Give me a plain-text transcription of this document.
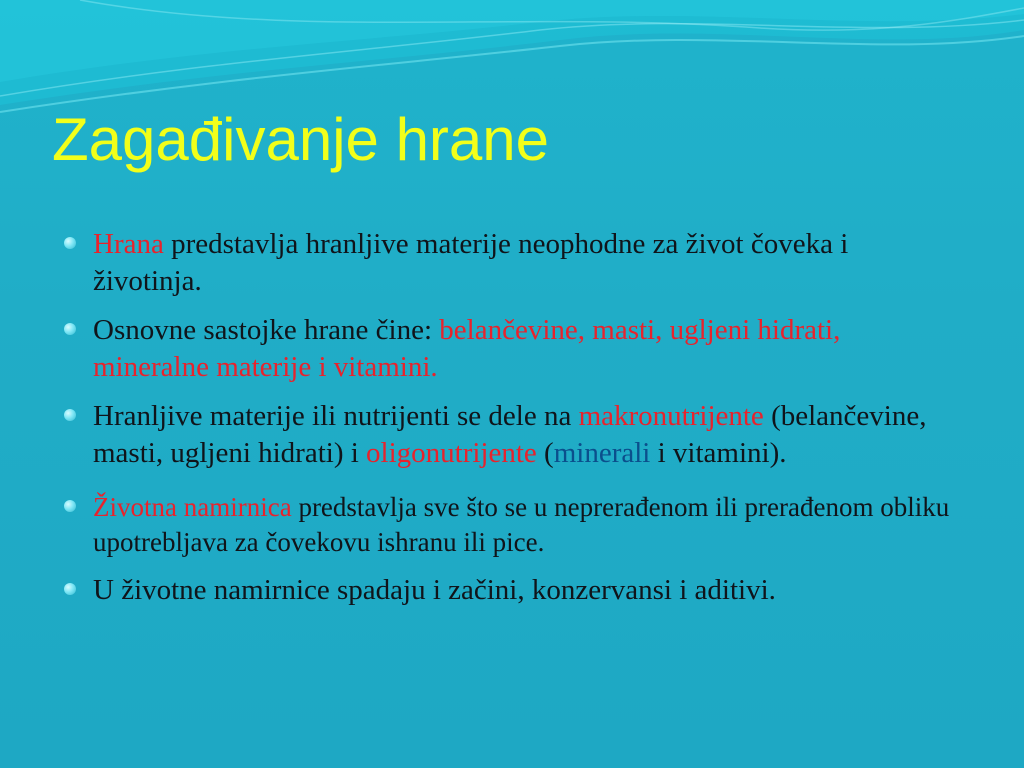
Zagađivanje hrane
Hrana predstavlja hranljive materije neophodne za život čoveka i životinja.
Osnovne sastojke hrane čine: belančevine, masti, ugljeni hidrati, mineralne materije i vitamini.
Hranljive materije ili nutrijenti se dele na makronutrijente (belančevine, masti, ugljeni hidrati) i oligonutrijente (minerali i vitamini).
Životna namirnica predstavlja sve što se u neprerađenom ili prerađenom obliku upotrebljava za čovekovu ishranu ili pice.
U životne namirnice spadaju i začini, konzervansi i aditivi.
